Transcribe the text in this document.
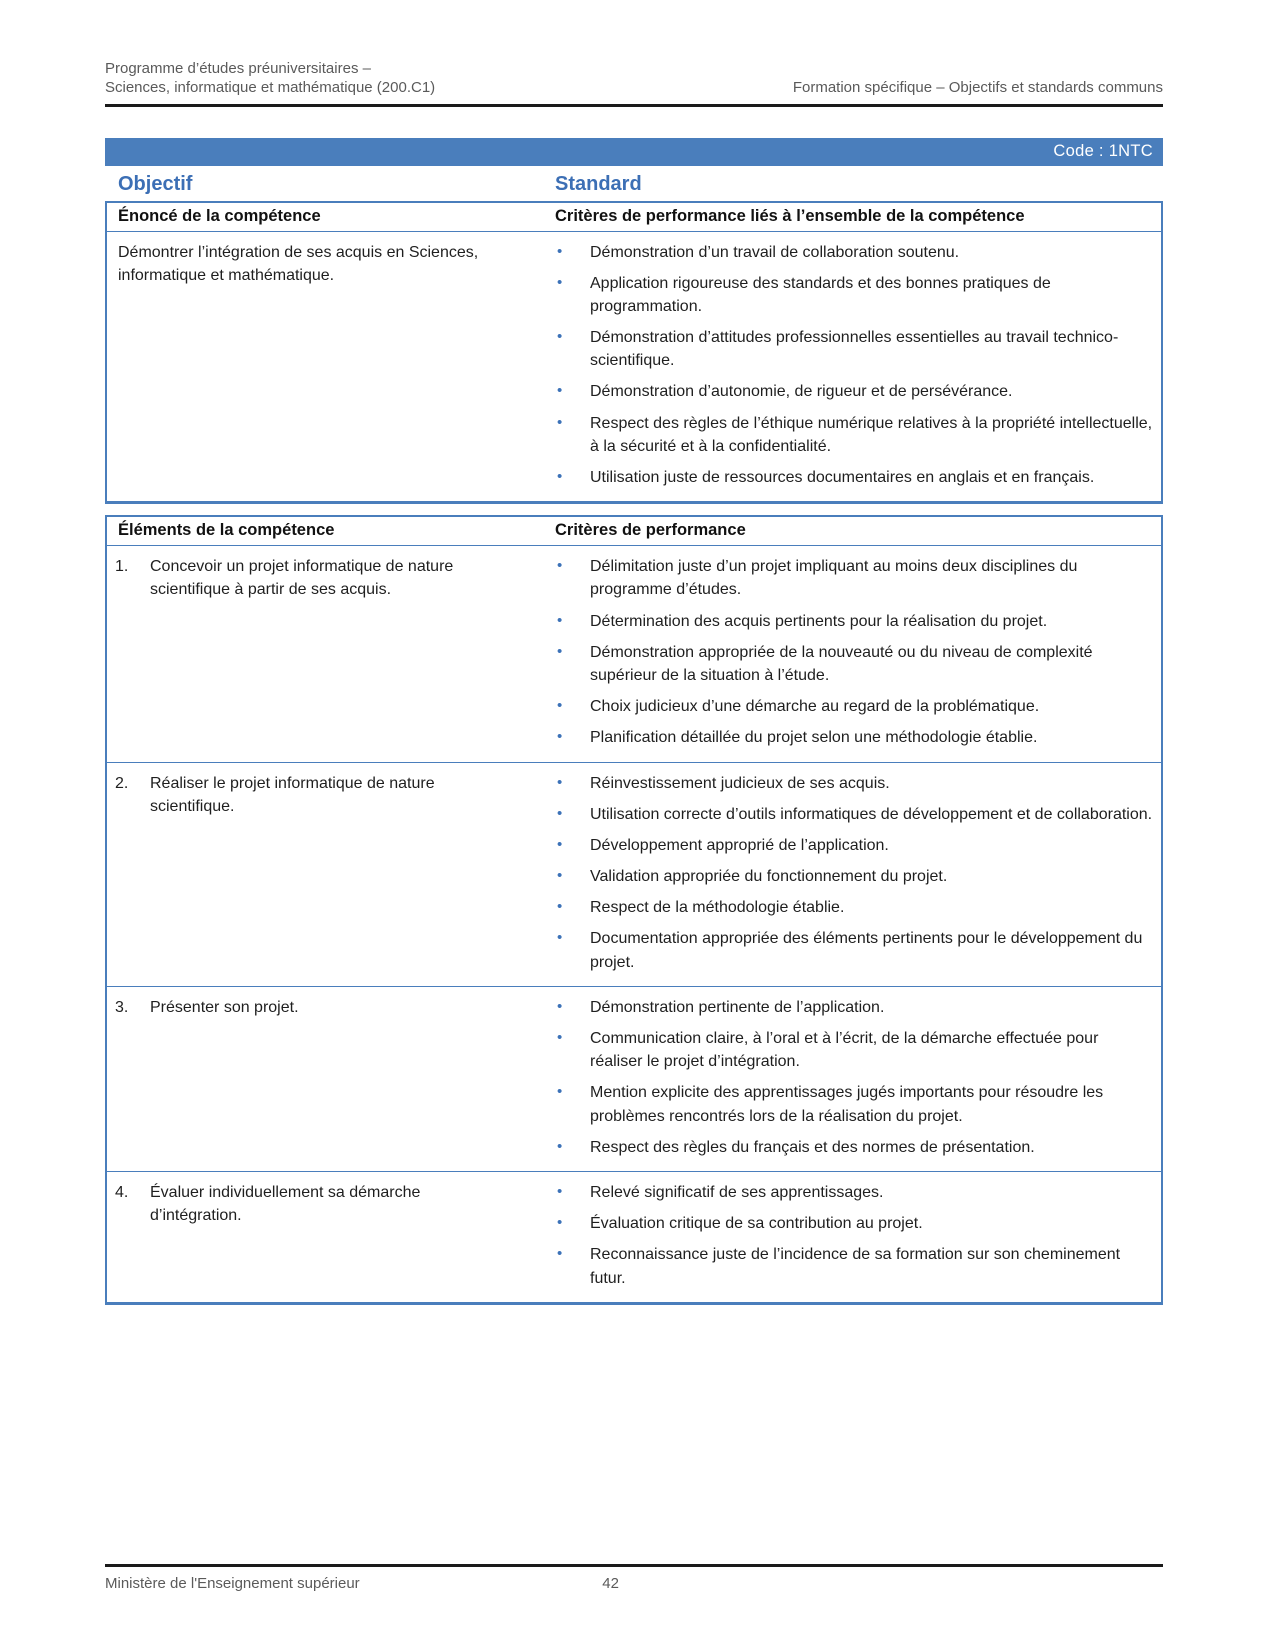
Programme d’études préuniversitaires –
Sciences, informatique et mathématique (200.C1)	Formation spécifique – Objectifs et standards communs
Code : 1NTC
Objectif	Standard
Énoncé de la compétence	Critères de performance liés à l’ensemble de la compétence
Démontrer l’intégration de ses acquis en Sciences, informatique et mathématique.
•	Démonstration d’un travail de collaboration soutenu.
•	Application rigoureuse des standards et des bonnes pratiques de programmation.
•	Démonstration d’attitudes professionnelles essentielles au travail technico-scientifique.
•	Démonstration d’autonomie, de rigueur et de persévérance.
•	Respect des règles de l’éthique numérique relatives à la propriété intellectuelle, à la sécurité et à la confidentialité.
•	Utilisation juste de ressources documentaires en anglais et en français.
Éléments de la compétence	Critères de performance
1.	Concevoir un projet informatique de nature scientifique à partir de ses acquis.
•	Délimitation juste d’un projet impliquant au moins deux disciplines du programme d’études.
•	Détermination des acquis pertinents pour la réalisation du projet.
•	Démonstration appropriée de la nouveauté ou du niveau de complexité supérieur de la situation à l’étude.
•	Choix judicieux d’une démarche au regard de la problématique.
•	Planification détaillée du projet selon une méthodologie établie.
2.	Réaliser le projet informatique de nature scientifique.
•	Réinvestissement judicieux de ses acquis.
•	Utilisation correcte d’outils informatiques de développement et de collaboration.
•	Développement approprié de l’application.
•	Validation appropriée du fonctionnement du projet.
•	Respect de la méthodologie établie.
•	Documentation appropriée des éléments pertinents pour le développement du projet.
3.	Présenter son projet.	•	Démonstration pertinente de l’application.
•	Communication claire, à l’oral et à l’écrit, de la démarche effectuée pour réaliser le projet d’intégration.
•	Mention explicite des apprentissages jugés importants pour résoudre les problèmes rencontrés lors de la réalisation du projet.
•	Respect des règles du français et des normes de présentation.
4.	Évaluer individuellement sa démarche d’intégration.
•	Relevé significatif de ses apprentissages.
•	Évaluation critique de sa contribution au projet.
•	Reconnaissance juste de l’incidence de sa formation sur son cheminement futur.
Ministère de l'Enseignement supérieur	42
